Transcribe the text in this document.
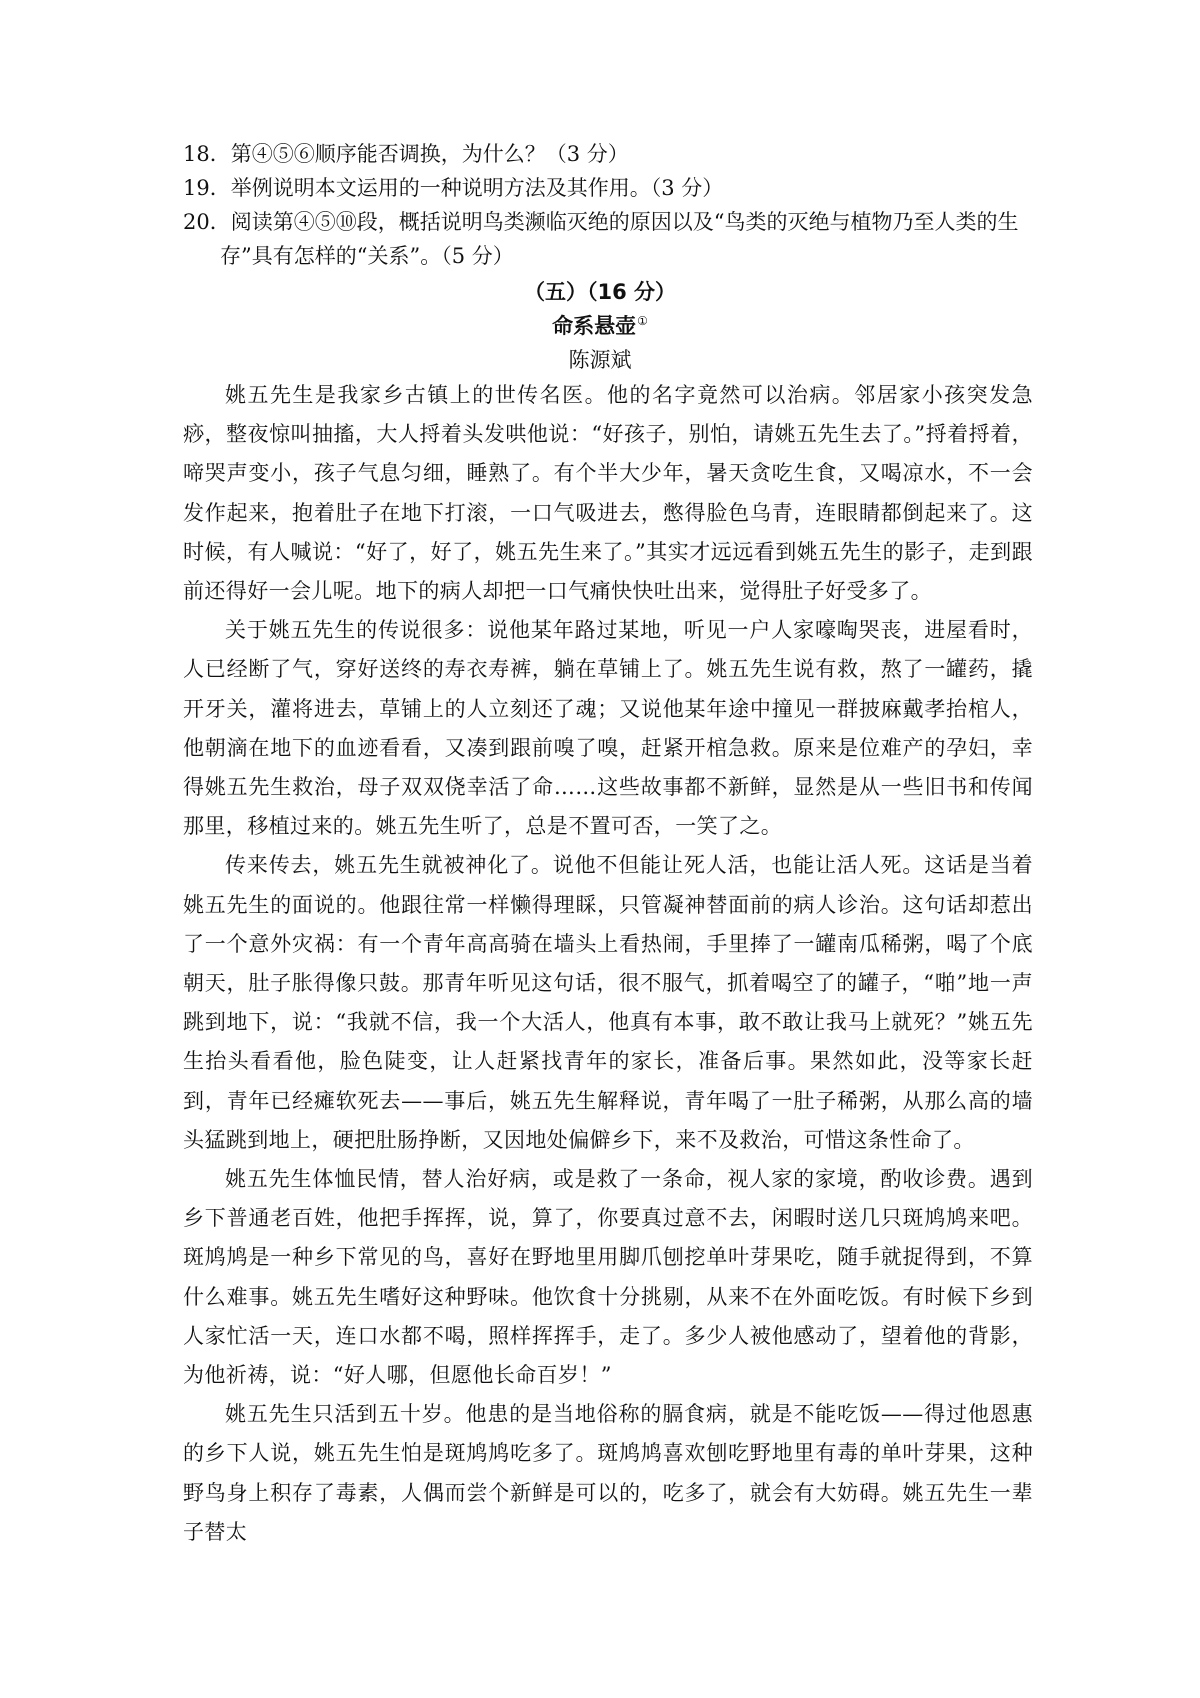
18．第④⑤⑥顺序能否调换，为什么？（3 分）

19．举例说明本文运用的一种说明方法及其作用。（3 分）

20．阅读第④⑤⑩段，概括说明鸟类濒临灭绝的原因以及“鸟类的灭绝与植物乃至人类的生存”具有怎样的“关系”。（5 分）

（五）（16 分）

命系悬壶①

陈源斌

姚五先生是我家乡古镇上的世传名医。他的名字竟然可以治病。邻居家小孩突发急痧，整夜惊叫抽搐，大人捋着头发哄他说：“好孩子，别怕，请姚五先生去了。”捋着捋着，啼哭声变小，孩子气息匀细，睡熟了。有个半大少年，暑天贪吃生食，又喝凉水，不一会发作起来，抱着肚子在地下打滚，一口气吸进去，憋得脸色乌青，连眼睛都倒起来了。这时候，有人喊说：“好了，好了，姚五先生来了。”其实才远远看到姚五先生的影子，走到跟前还得好一会儿呢。地下的病人却把一口气痛快快吐出来，觉得肚子好受多了。

关于姚五先生的传说很多：说他某年路过某地，听见一户人家嚎啕哭丧，进屋看时，人已经断了气，穿好送终的寿衣寿裤，躺在草铺上了。姚五先生说有救，熬了一罐药，撬开牙关，灌将进去，草铺上的人立刻还了魂；又说他某年途中撞见一群披麻戴孝抬棺人，他朝滴在地下的血迹看看，又凑到跟前嗅了嗅，赶紧开棺急救。原来是位难产的孕妇，幸得姚五先生救治，母子双双侥幸活了命……这些故事都不新鲜，显然是从一些旧书和传闻那里，移植过来的。姚五先生听了，总是不置可否，一笑了之。

传来传去，姚五先生就被神化了。说他不但能让死人活，也能让活人死。这话是当着姚五先生的面说的。他跟往常一样懒得理睬，只管凝神替面前的病人诊治。这句话却惹出了一个意外灾祸：有一个青年高高骑在墙头上看热闹，手里捧了一罐南瓜稀粥，喝了个底朝天，肚子胀得像只鼓。那青年听见这句话，很不服气，抓着喝空了的罐子，“啪”地一声跳到地下，说：“我就不信，我一个大活人，他真有本事，敢不敢让我马上就死？”姚五先生抬头看看他，脸色陡变，让人赶紧找青年的家长，准备后事。果然如此，没等家长赶到，青年已经瘫软死去——事后，姚五先生解释说，青年喝了一肚子稀粥，从那么高的墙头猛跳到地上，硬把肚肠挣断，又因地处偏僻乡下，来不及救治，可惜这条性命了。

姚五先生体恤民情，替人治好病，或是救了一条命，视人家的家境，酌收诊费。遇到乡下普通老百姓，他把手挥挥，说，算了，你要真过意不去，闲暇时送几只斑鸠鸠来吧。斑鸠鸠是一种乡下常见的鸟，喜好在野地里用脚爪刨挖单叶芽果吃，随手就捉得到，不算什么难事。姚五先生嗜好这种野味。他饮食十分挑剔，从来不在外面吃饭。有时候下乡到人家忙活一天，连口水都不喝，照样挥挥手，走了。多少人被他感动了，望着他的背影，为他祈祷，说：“好人哪，但愿他长命百岁！”

姚五先生只活到五十岁。他患的是当地俗称的膈食病，就是不能吃饭——得过他恩惠的乡下人说，姚五先生怕是斑鸠鸠吃多了。斑鸠鸠喜欢刨吃野地里有毒的单叶芽果，这种野鸟身上积存了毒素，人偶而尝个新鲜是可以的，吃多了，就会有大妨碍。姚五先生一辈子替太
